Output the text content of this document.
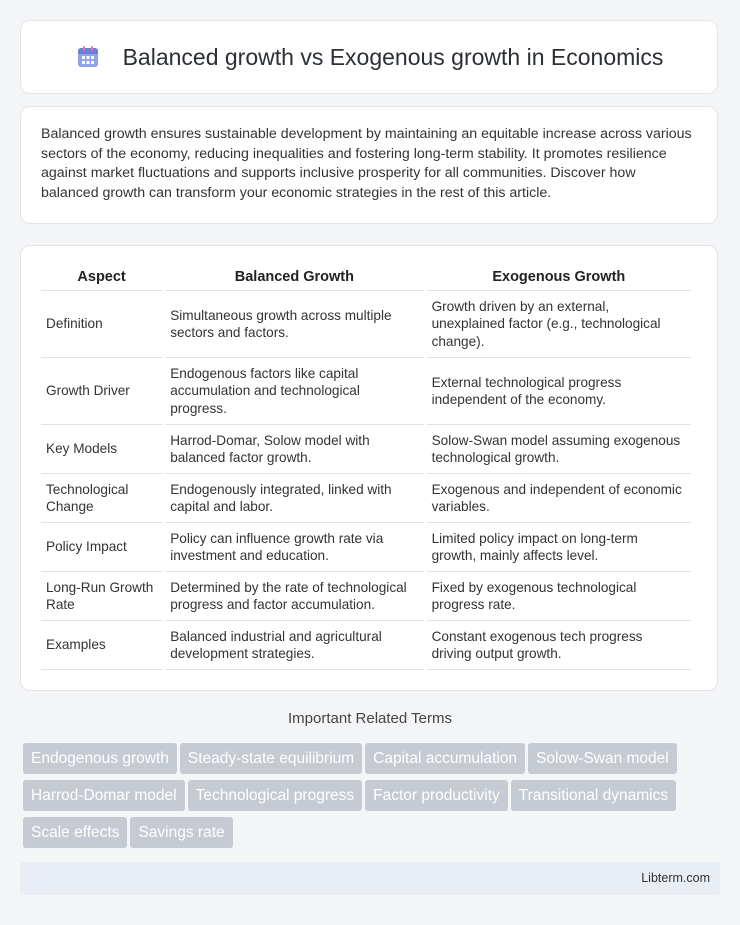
Balanced growth vs Exogenous growth in Economics

Balanced growth ensures sustainable development by maintaining an equitable increase across various sectors of the economy, reducing inequalities and fostering long-term stability. It promotes resilience against market fluctuations and supports inclusive prosperity for all communities. Discover how balanced growth can transform your economic strategies in the rest of this article.

Aspect	Balanced Growth	Exogenous Growth
Definition	Simultaneous growth across multiple sectors and factors.	Growth driven by an external, unexplained factor (e.g., technological change).
Growth Driver	Endogenous factors like capital accumulation and technological progress.	External technological progress independent of the economy.
Key Models	Harrod-Domar, Solow model with balanced factor growth.	Solow-Swan model assuming exogenous technological growth.
Technological Change	Endogenously integrated, linked with capital and labor.	Exogenous and independent of economic variables.
Policy Impact	Policy can influence growth rate via investment and education.	Limited policy impact on long-term growth, mainly affects level.
Long-Run Growth Rate	Determined by the rate of technological progress and factor accumulation.	Fixed by exogenous technological progress rate.
Examples	Balanced industrial and agricultural development strategies.	Constant exogenous tech progress driving output growth.
Important Related Terms
Endogenous growth Steady-state equilibrium Capital accumulation Solow-Swan model
Harrod-Domar model Technological progress Factor productivity Transitional dynamics
Scale effects Savings rate
Libterm.com
